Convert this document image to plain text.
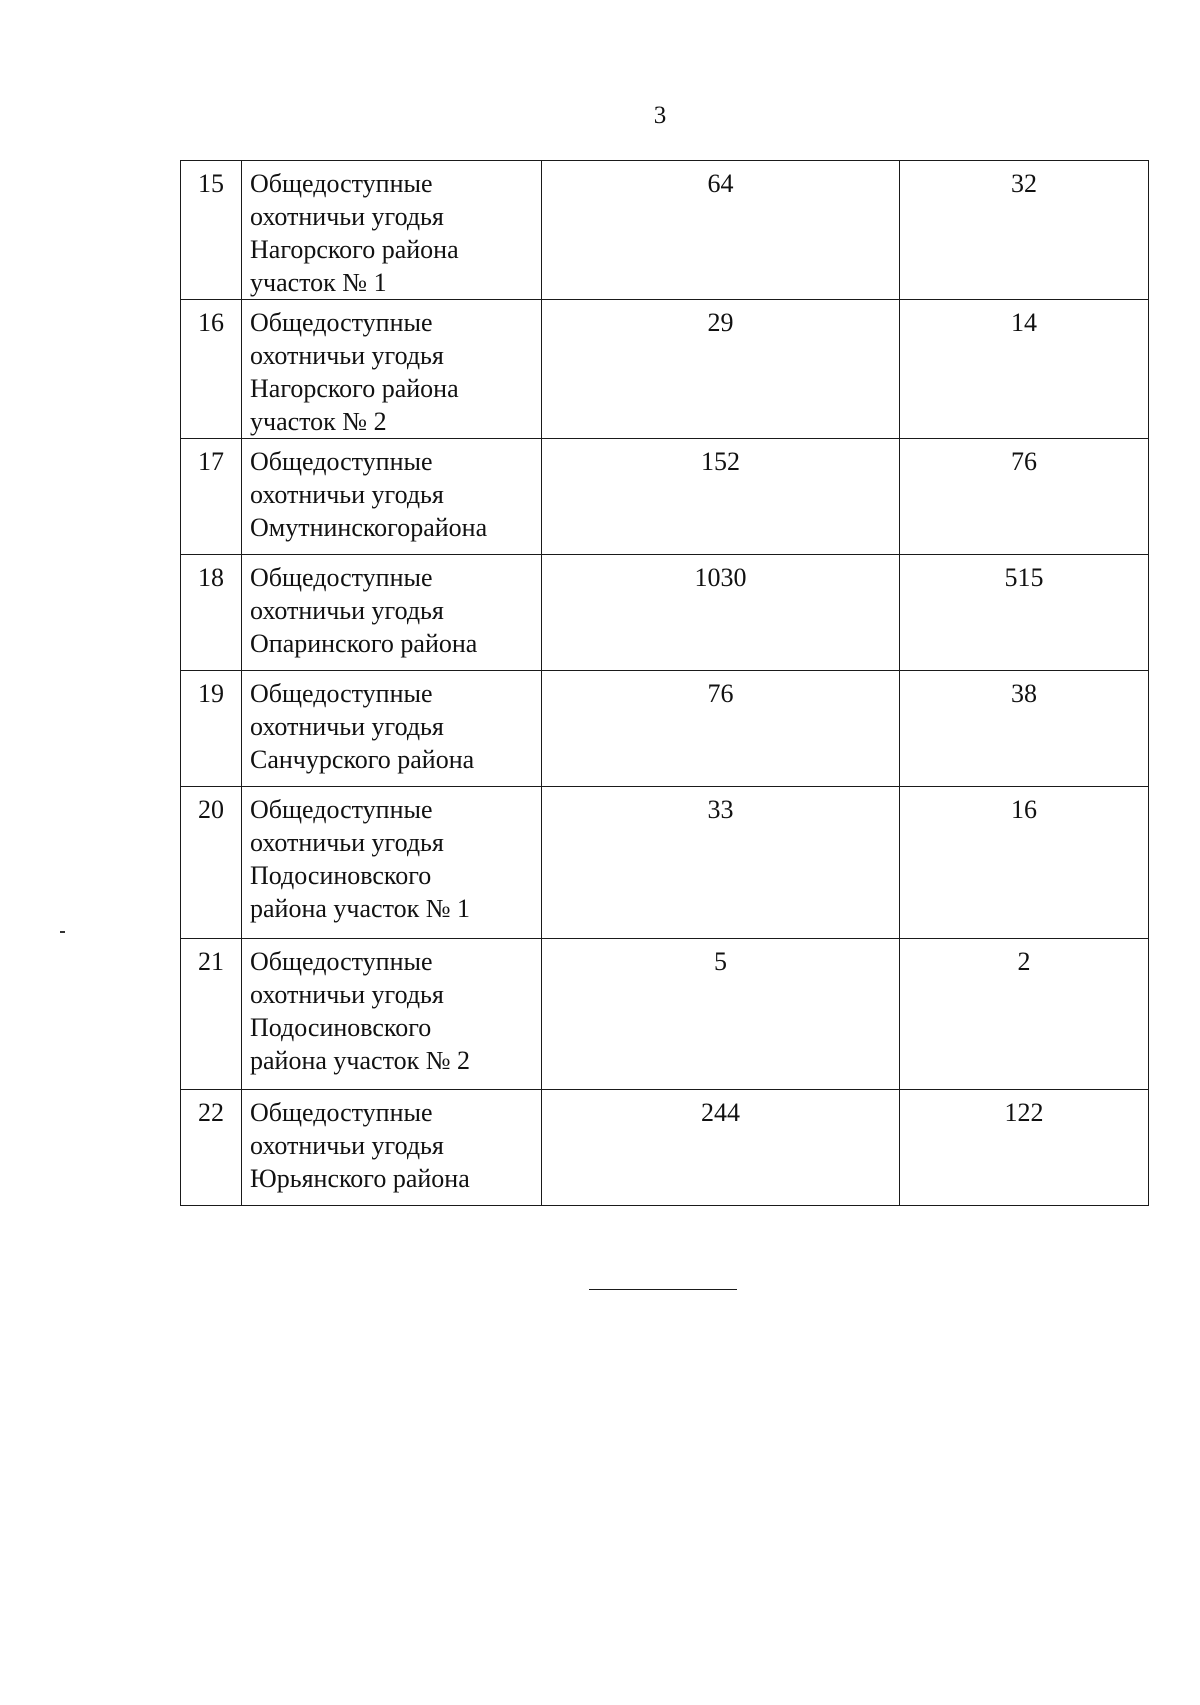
3
15	Общедоступные
охотничьи угодья
Нагорского района
участок № 1	64	32
16	Общедоступные
охотничьи угодья
Нагорского района
участок № 2	29	14
17	Общедоступные
охотничьи угодья
Омутнинскогорайона	152	76
18	Общедоступные
охотничьи угодья
Опаринского района	1030	515
19	Общедоступные
охотничьи угодья
Санчурского района	76	38
20	Общедоступные
охотничьи угодья
Подосиновского
района участок № 1	33	16
21	Общедоступные
охотничьи угодья
Подосиновского
района участок № 2	5	2
22	Общедоступные
охотничьи угодья
Юрьянского района	244	122
